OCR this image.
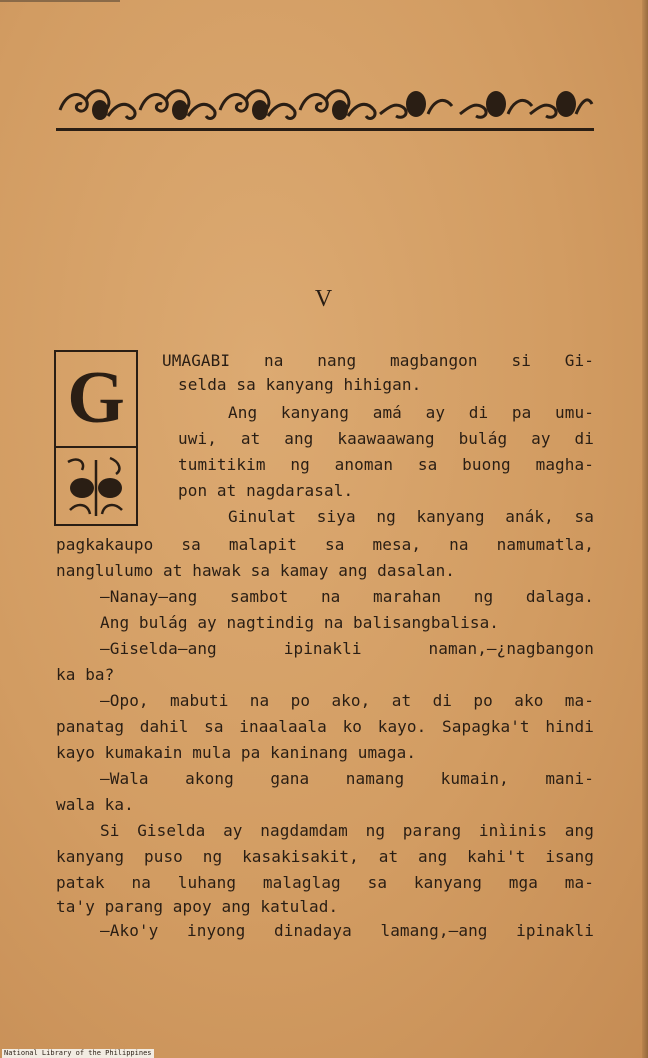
V
G	UMAGABI na nang magbangon si Gi-
selda sa kanyang hihigan.
Ang kanyang amá ay di pa umu-
uwi, at ang kaawaawang bulág ay di
tumitikim ng anoman sa buong magha-
pon at nagdarasal.
Ginulat siya ng kanyang anák, sa
pagkakaupo sa malapit sa mesa, na namumatla,
nanglulumo at hawak sa kamay ang dasalan.
—Nanay—ang sambot na marahan ng dalaga.
Ang bulág ay nagtindig na balisangbalisa.
—Giselda—ang ipinakli naman,—¿nagbangon
ka ba?
—Opo, mabuti na po ako, at di po ako ma-
panatag dahil sa inaalaala ko kayo. Sapagka't hindi
kayo kumakain mula pa kaninang umaga.
—Wala akong gana namang kumain, mani-
wala ka.
Si Giselda ay nagdamdam ng parang inìinis ang
kanyang puso ng kasakisakit, at ang kahi't isang
patak na luhang malaglag sa kanyang mga ma-
ta'y parang apoy ang katulad.
—Ako'y inyong dinadaya lamang,—ang ipinakli
National Library of the Philippines
